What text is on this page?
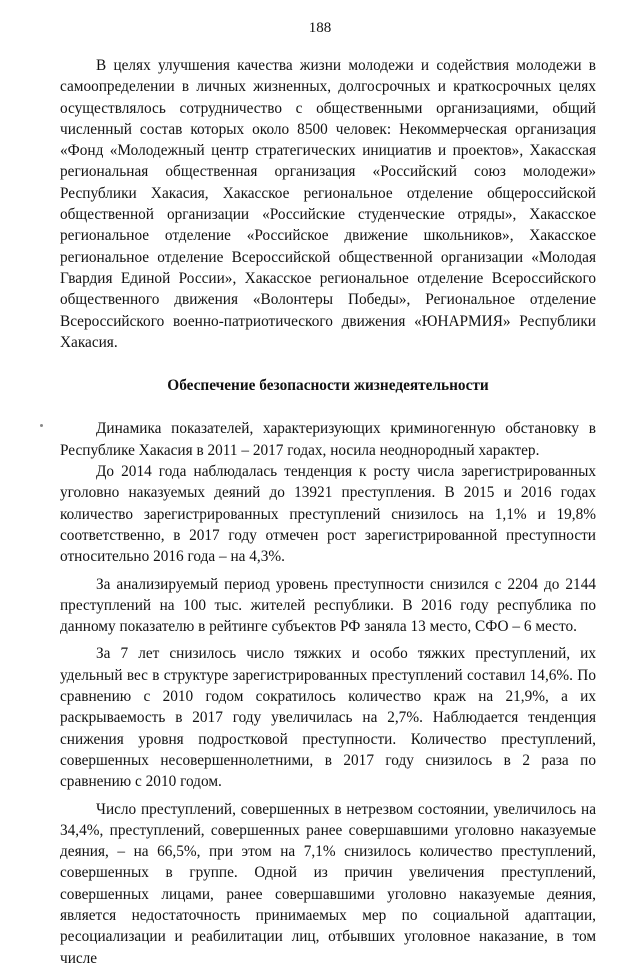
188

В целях улучшения качества жизни молодежи и содействия молодежи в самоопределении в личных жизненных, долгосрочных и краткосрочных целях осуществлялось сотрудничество с общественными организациями, общий численный состав которых около 8500 человек: Некоммерческая организация «Фонд «Молодежный центр стратегических инициатив и проектов», Хакасская региональная общественная организация «Российский союз молодежи» Республики Хакасия, Хакасское региональное отделение общероссийской общественной организации «Российские студенческие отряды», Хакасское региональное отделение «Российское движение школьников», Хакасское региональное отделение Всероссийской общественной организации «Молодая Гвардия Единой России», Хакасское региональное отделение Всероссийского общественного движения «Волонтеры Победы», Региональное отделение Всероссийского военно-патриотического движения «ЮНАРМИЯ» Республики Хакасия.

Обеспечение безопасности жизнедеятельности

Динамика показателей, характеризующих криминогенную обстановку в Республике Хакасия в 2011 – 2017 годах, носила неоднородный характер.

До 2014 года наблюдалась тенденция к росту числа зарегистрированных уголовно наказуемых деяний до 13921 преступления. В 2015 и 2016 годах количество зарегистрированных преступлений снизилось на 1,1% и 19,8% соответственно, в 2017 году отмечен рост зарегистрированной преступности относительно 2016 года – на 4,3%.

За анализируемый период уровень преступности снизился с 2204 до 2144 преступлений на 100 тыс. жителей республики. В 2016 году республика по данному показателю в рейтинге субъектов РФ заняла 13 место, СФО – 6 место.

За 7 лет снизилось число тяжких и особо тяжких преступлений, их удельный вес в структуре зарегистрированных преступлений составил 14,6%. По сравнению с 2010 годом сократилось количество краж на 21,9%, а их раскрываемость в 2017 году увеличилась на 2,7%. Наблюдается тенденция снижения уровня подростковой преступности. Количество преступлений, совершенных несовершеннолетними, в 2017 году снизилось в 2 раза по сравнению с 2010 годом.

Число преступлений, совершенных в нетрезвом состоянии, увеличилось на 34,4%, преступлений, совершенных ранее совершавшими уголовно наказуемые деяния, – на 66,5%, при этом на 7,1% снизилось количество преступлений, совершенных в группе. Одной из причин увеличения преступлений, совершенных лицами, ранее совершавшими уголовно наказуемые деяния, является недостаточность принимаемых мер по социальной адаптации, ресоциализации и реабилитации лиц, отбывших уголовное наказание, в том числе
